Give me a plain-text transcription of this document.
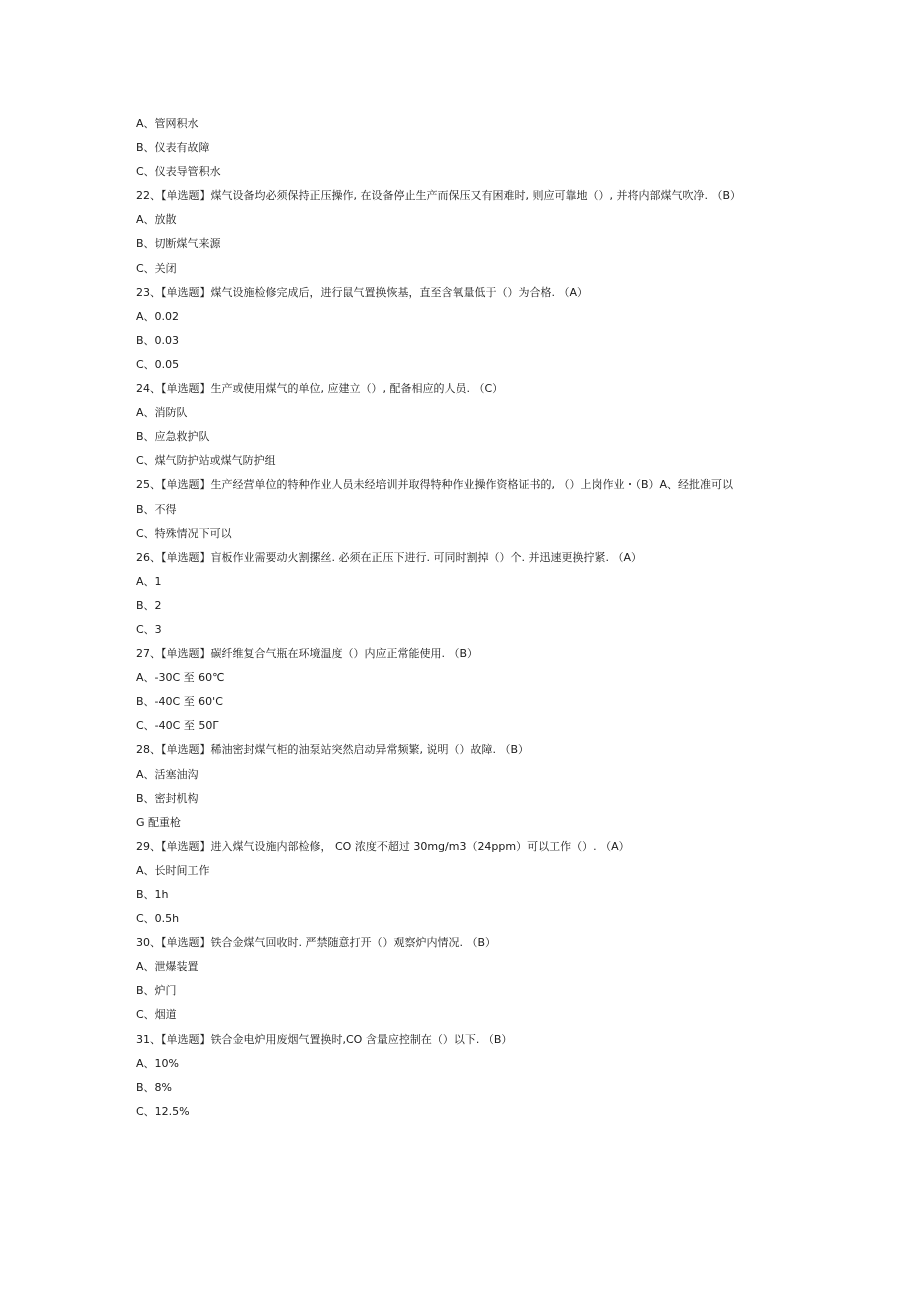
A、管网积水
B、仪表有故障
C、仪表导管积水
22、【单选题】煤气设备均必须保持正压操作, 在设备停止生产而保压又有困难时, 则应可靠地（）, 并将内部煤气吹净. （B）
A、放散
B、切断煤气来源
C、关闭
23、【单选题】煤气设施检修完成后，进行鼠气置换恢基，直至含氧量低于（）为合格. （A）
A、0.02
B、0.03
C、0.05
24、【单选题】生产或使用煤气的单位, 应建立（）, 配备相应的人员. （C）
A、消防队
B、应急救护队
C、煤气防护站或煤气防护组
25、【单选题】生产经营单位的特种作业人员未经培训并取得特种作业操作资格证书的, （）上岗作业・（B）A、经批准可以
B、不得
C、特殊情况下可以
26、【单选题】盲板作业需要动火割摞丝. 必须在正压下进行. 可同时割掉（）个. 并迅速更换拧紧. （A）
A、1
B、2
C、3
27、【单选题】碳纤维复合气瓶在环境温度（）内应正常能使用. （B）
A、-30C 至 60℃
B、-40C 至 60'C
C、-40C 至 50Γ
28、【单选题】稀油密封煤气柜的油泵站突然启动异常频繁, 说明（）故障. （B）
A、活塞油沟
B、密封机构
G 配重枪
29、【单选题】进入煤气设施内部检修， CO 浓度不超过 30mg∕m3（24ppm）可以工作（）. （A）
A、长时间工作
B、1h
C、0.5h
30、【单选题】铁合金煤气回收时. 严禁随意打开（）观察炉内情况. （B）
A、泄爆装置
B、炉门
C、烟道
31、【单选题】铁合金电炉用废烟气置换时,CO 含量应控制在（）以下. （B）
A、10%
B、8%
C、12.5%
